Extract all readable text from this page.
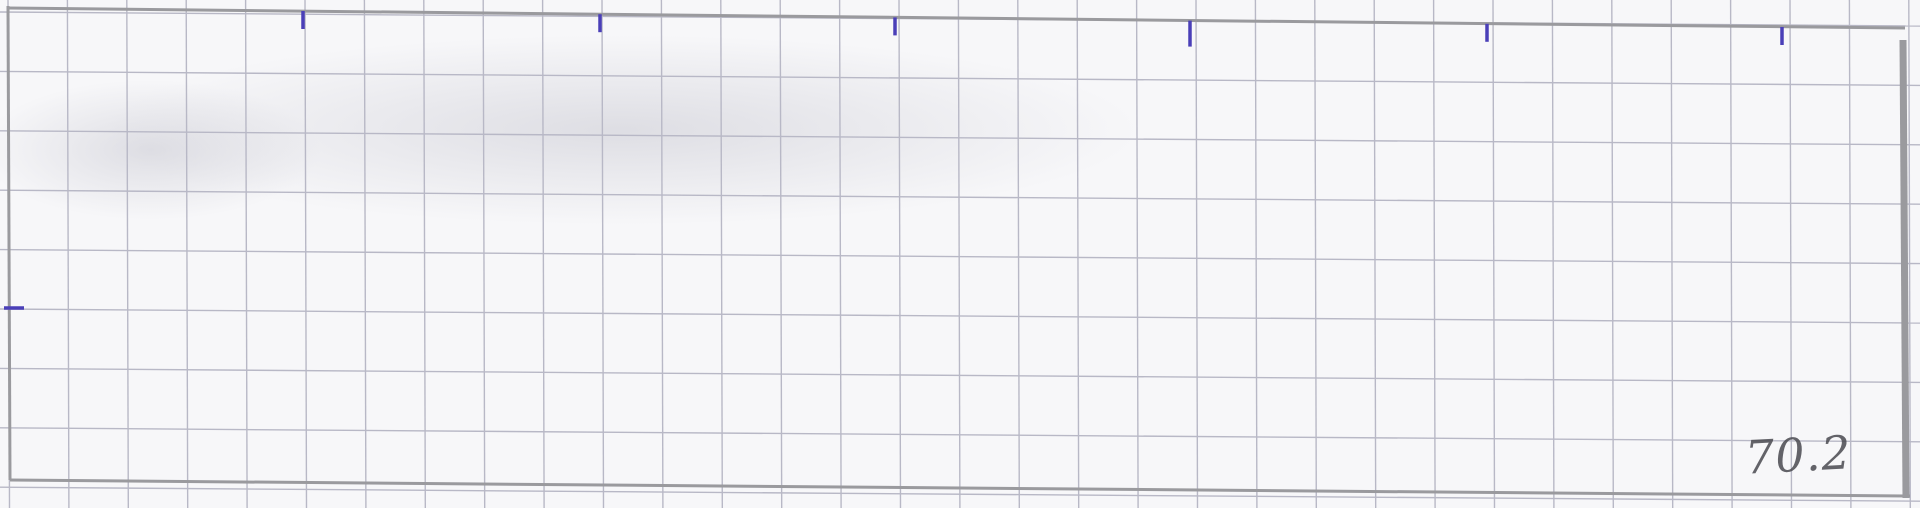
70.2
